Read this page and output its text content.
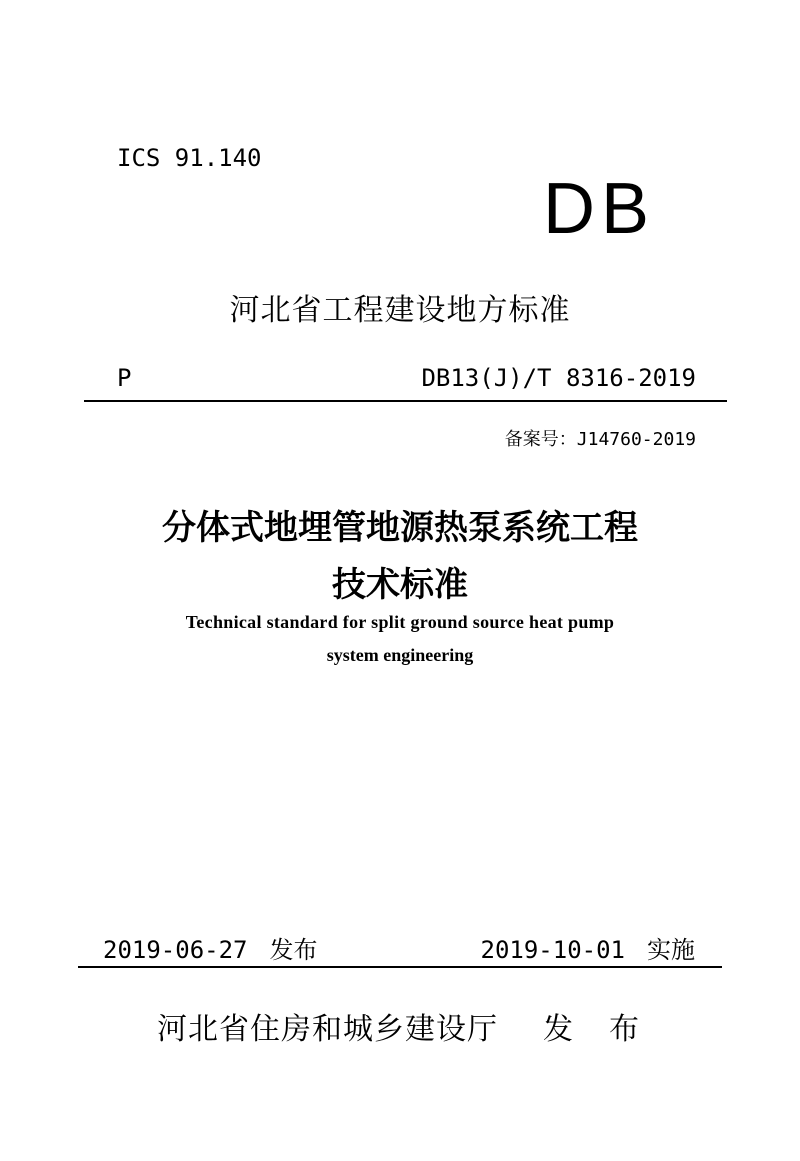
ICS 91.140
DB
河北省工程建设地方标准
P	DB13(J)/T 8316-2019
备案号：J14760-2019
分体式地埋管地源热泵系统工程
技术标准
Technical standard for split ground source heat pump
system engineering
2019-06-27 发布	2019-10-01 实施
河北省住房和城乡建设厅 发 布
